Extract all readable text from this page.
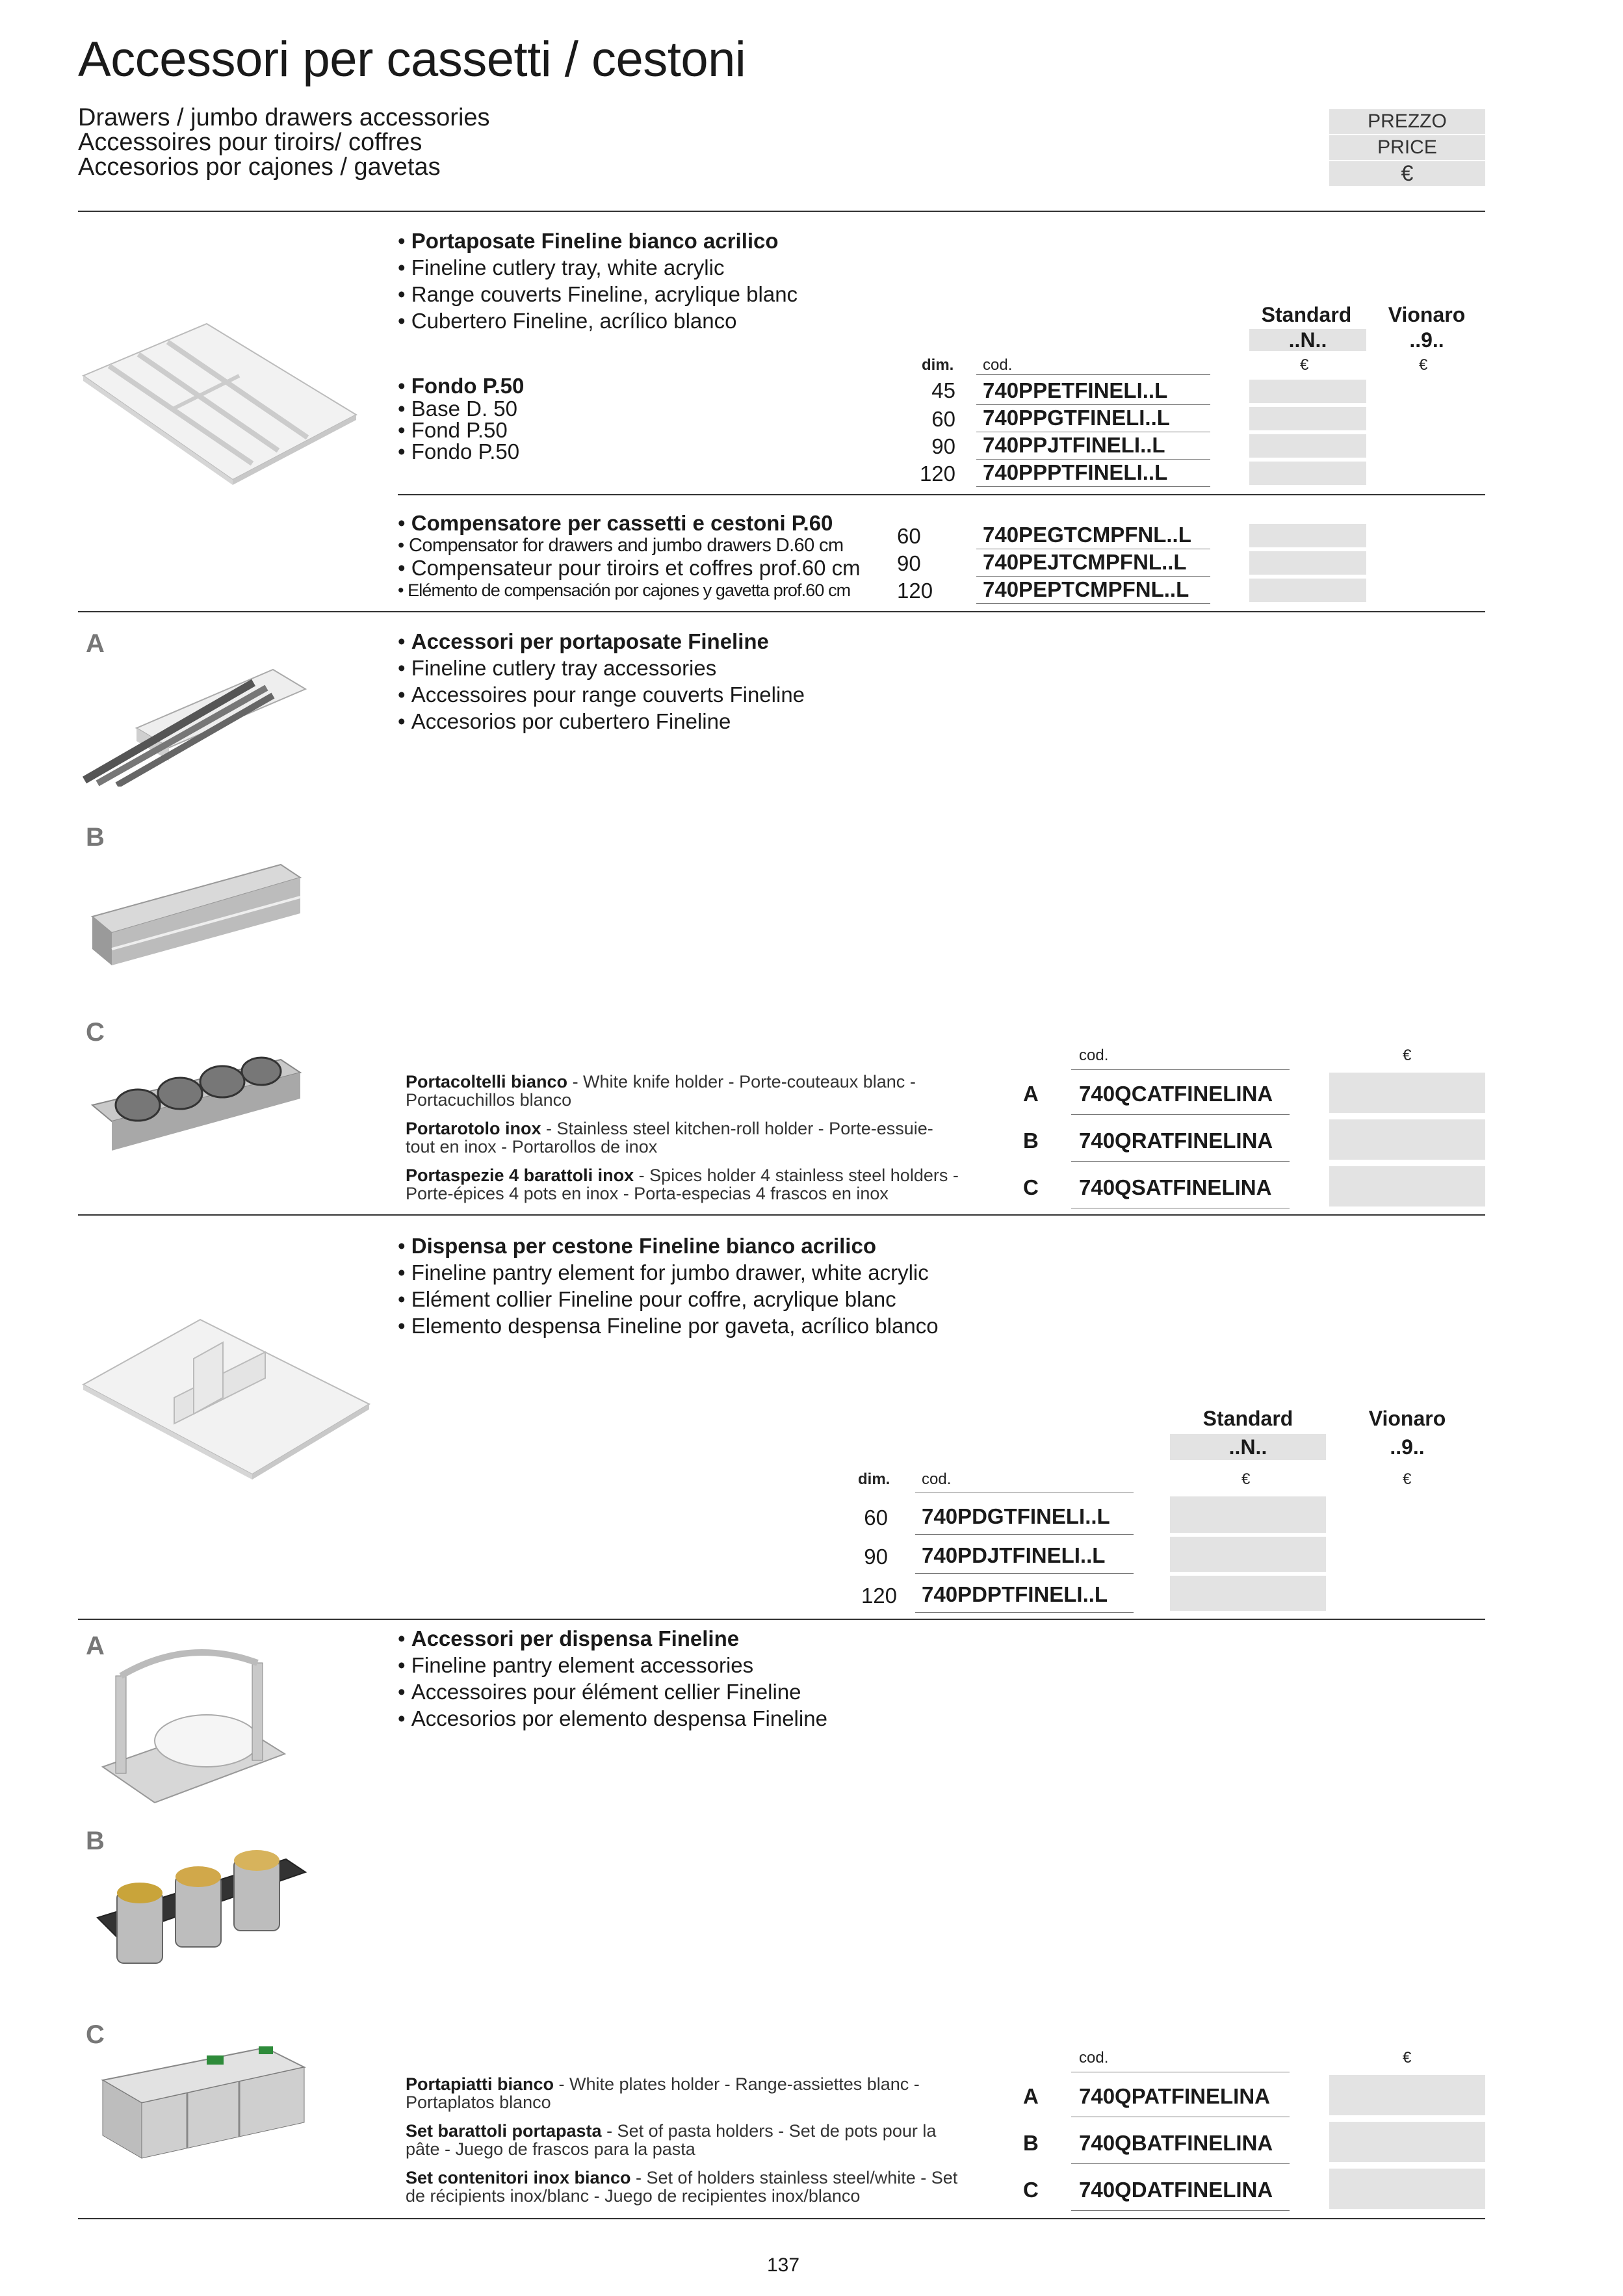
Accessori per cassetti / cestoni
Drawers / jumbo drawers accessories
Accessoires pour tiroirs/ coffres
Accesorios por cajones / gavetas
PREZZO
PRICE
€
• Portaposate Fineline bianco acrilico
• Fineline cutlery tray, white acrylic
• Range couverts Fineline, acrylique blanc
• Cubertero Fineline, acrílico blanco	Standard	Vionaro
..N..	..9..
€	€
dim. cod.
• Fondo P.50
• Base D. 50
• Fond P.50
• Fondo P.50
45 740PPETFINELI..L
60 740PPGTFINELI..L
90 740PPJTFINELI..L
120 740PPPTFINELI..L
• Compensatore per cassetti e cestoni P.60
• Compensator for drawers and jumbo drawers D.60 cm
• Compensateur pour tiroirs et coffres prof.60 cm
• Elémento de compensación por cajones y gavetta prof.60 cm
60	740PEGTCMPFNL..L
90	740PEJTCMPFNL..L
120	740PEPTCMPFNL..L
A
B
C
• Accessori per portaposate Fineline
• Fineline cutlery tray accessories
• Accessoires pour range couverts Fineline
• Accesorios por cubertero Fineline
cod.	€
Portacoltelli bianco - White knife holder - Porte-couteaux blanc -
Portacuchillos blanco	A 740QCATFINELINA
Portarotolo inox - Stainless steel kitchen-roll holder - Porte-essuie-
tout en inox - Portarollos de inox	B 740QRATFINELINA
Portaspezie 4 barattoli inox - Spices holder 4 stainless steel holders -
Porte-épices 4 pots en inox - Porta-especias 4 frascos en inox	C 740QSATFINELINA
• Dispensa per cestone Fineline bianco acrilico
• Fineline pantry element for jumbo drawer, white acrylic
• Elément collier Fineline pour coffre, acrylique blanc
• Elemento despensa Fineline por gaveta, acrílico blanco
Standard	Vionaro
..N..	..9..
€	€
dim. cod.
60 740PDGTFINELI..L
90 740PDJTFINELI..L
120 740PDPTFINELI..L
A
B
C
• Accessori per dispensa Fineline
• Fineline pantry element accessories
• Accessoires pour élément cellier Fineline
• Accesorios por elemento despensa Fineline
cod.	€
Portapiatti bianco - White plates holder - Range-assiettes blanc -
Portaplatos blanco	A 740QPATFINELINA
Set barattoli portapasta - Set of pasta holders - Set de pots pour la
pâte - Juego de frascos para la pasta	B 740QBATFINELINA
Set contenitori inox bianco - Set of holders stainless steel/white - Set
de récipients inox/blanc - Juego de recipientes inox/blanco	C 740QDATFINELINA
137
